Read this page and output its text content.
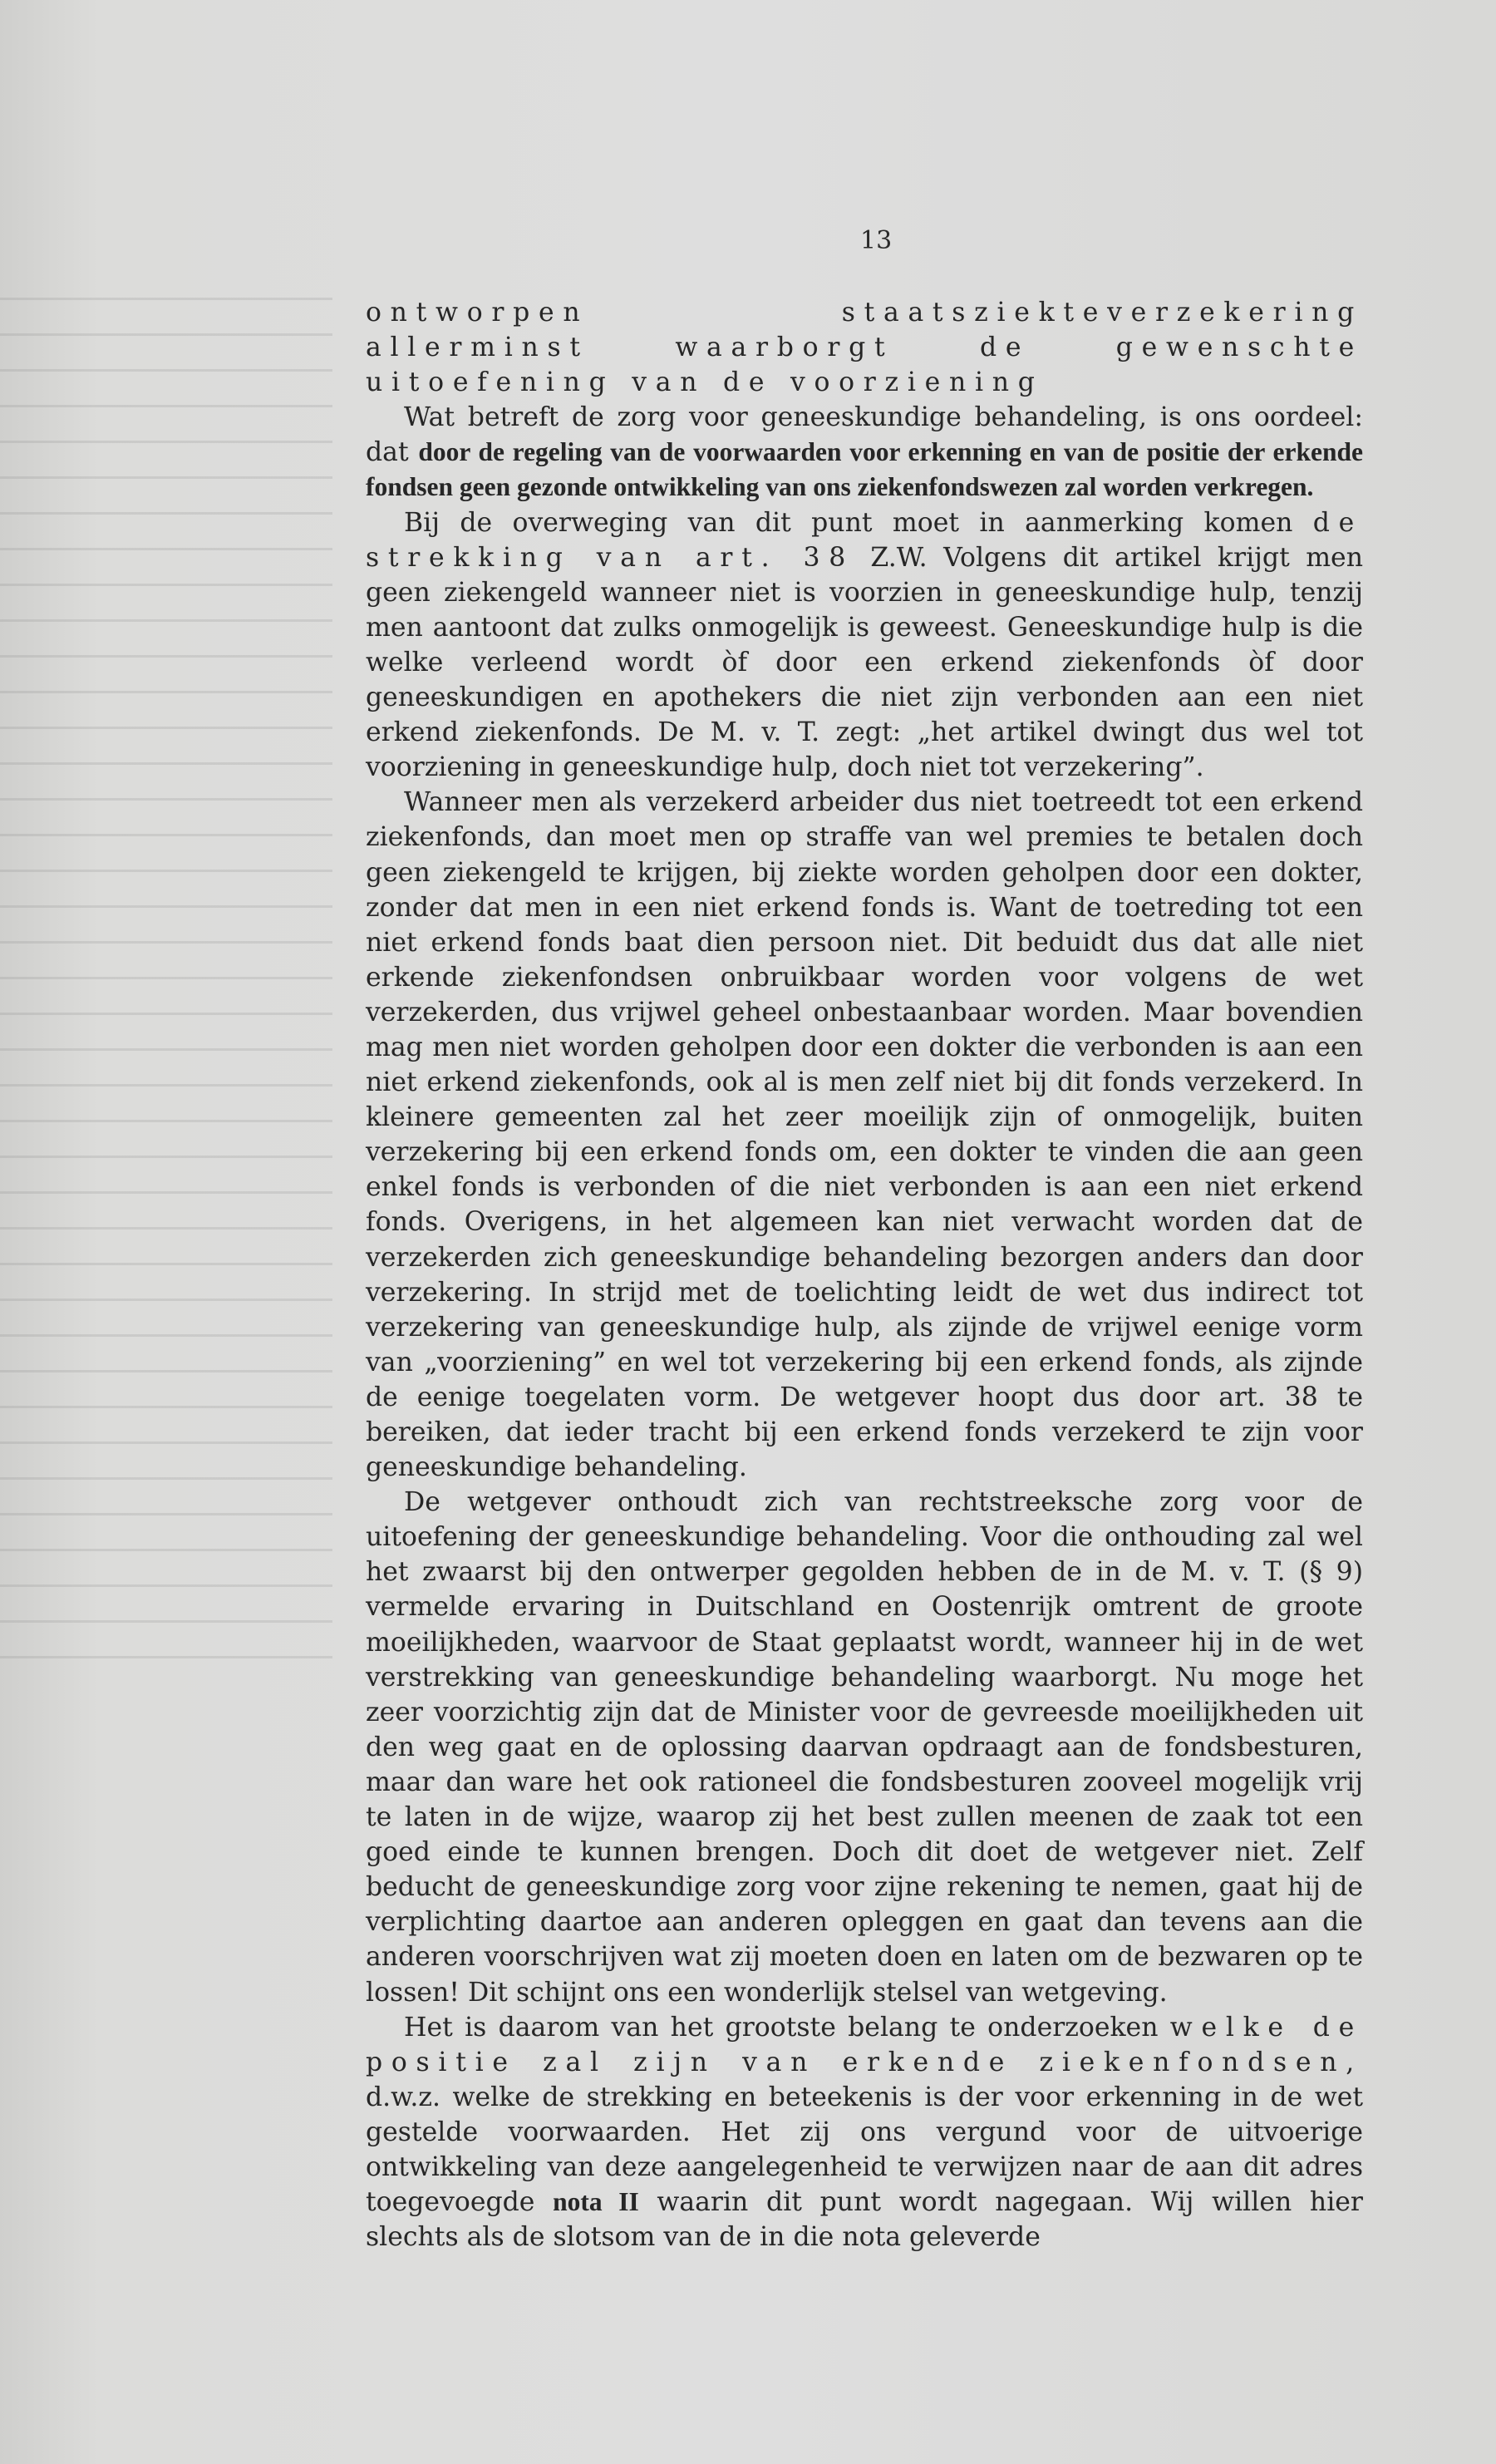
13

ontworpen staatsziekteverzekering allerminst waarborgt de gewenschte uitoefening van de voorziening

Wat betreft de zorg voor geneeskundige behandeling, is ons oordeel: dat door de regeling van de voorwaarden voor erkenning en van de positie der erkende fondsen geen gezonde ontwikkeling van ons ziekenfondswezen zal worden verkregen.

Bij de overweging van dit punt moet in aanmerking komen de strekking van art. 38 Z.W. Volgens dit artikel krijgt men geen ziekengeld wanneer niet is voorzien in geneeskundige hulp, tenzij men aantoont dat zulks onmogelijk is geweest. Geneeskundige hulp is die welke verleend wordt òf door een erkend ziekenfonds òf door geneeskundigen en apothekers die niet zijn verbonden aan een niet erkend ziekenfonds. De M. v. T. zegt: „het artikel dwingt dus wel tot voorziening in geneeskundige hulp, doch niet tot verzekering”.

Wanneer men als verzekerd arbeider dus niet toetreedt tot een erkend ziekenfonds, dan moet men op straffe van wel premies te betalen doch geen ziekengeld te krijgen, bij ziekte worden geholpen door een dokter, zonder dat men in een niet erkend fonds is. Want de toetreding tot een niet erkend fonds baat dien persoon niet. Dit beduidt dus dat alle niet erkende ziekenfondsen onbruikbaar worden voor volgens de wet verzekerden, dus vrijwel geheel onbestaanbaar worden. Maar bovendien mag men niet worden geholpen door een dokter die verbonden is aan een niet erkend ziekenfonds, ook al is men zelf niet bij dit fonds verzekerd. In kleinere gemeenten zal het zeer moeilijk zijn of onmogelijk, buiten verzekering bij een erkend fonds om, een dokter te vinden die aan geen enkel fonds is verbonden of die niet verbonden is aan een niet erkend fonds. Overigens, in het algemeen kan niet verwacht worden dat de verzekerden zich geneeskundige behandeling bezorgen anders dan door verzekering. In strijd met de toelichting leidt de wet dus indirect tot verzekering van geneeskundige hulp, als zijnde de vrijwel eenige vorm van „voorziening” en wel tot verzekering bij een erkend fonds, als zijnde de eenige toegelaten vorm. De wetgever hoopt dus door art. 38 te bereiken, dat ieder tracht bij een erkend fonds verzekerd te zijn voor geneeskundige behandeling.

De wetgever onthoudt zich van rechtstreeksche zorg voor de uitoefening der geneeskundige behandeling. Voor die onthouding zal wel het zwaarst bij den ontwerper gegolden hebben de in de M. v. T. (§ 9) vermelde ervaring in Duitschland en Oostenrijk omtrent de groote moeilijkheden, waarvoor de Staat geplaatst wordt, wanneer hij in de wet verstrekking van geneeskundige behandeling waarborgt. Nu moge het zeer voorzichtig zijn dat de Minister voor de gevreesde moeilijkheden uit den weg gaat en de oplossing daarvan opdraagt aan de fondsbesturen, maar dan ware het ook rationeel die fondsbesturen zooveel mogelijk vrij te laten in de wijze, waarop zij het best zullen meenen de zaak tot een goed einde te kunnen brengen. Doch dit doet de wetgever niet. Zelf beducht de geneeskundige zorg voor zijne rekening te nemen, gaat hij de verplichting daartoe aan anderen opleggen en gaat dan tevens aan die anderen voorschrijven wat zij moeten doen en laten om de bezwaren op te lossen! Dit schijnt ons een wonderlijk stelsel van wetgeving.

Het is daarom van het grootste belang te onderzoeken welke de positie zal zijn van erkende ziekenfondsen, d.w.z. welke de strekking en beteekenis is der voor erkenning in de wet gestelde voorwaarden. Het zij ons vergund voor de uitvoerige ontwikkeling van deze aangelegenheid te verwijzen naar de aan dit adres toegevoegde nota II waarin dit punt wordt nagegaan. Wij willen hier slechts als de slotsom van de in die nota geleverde
